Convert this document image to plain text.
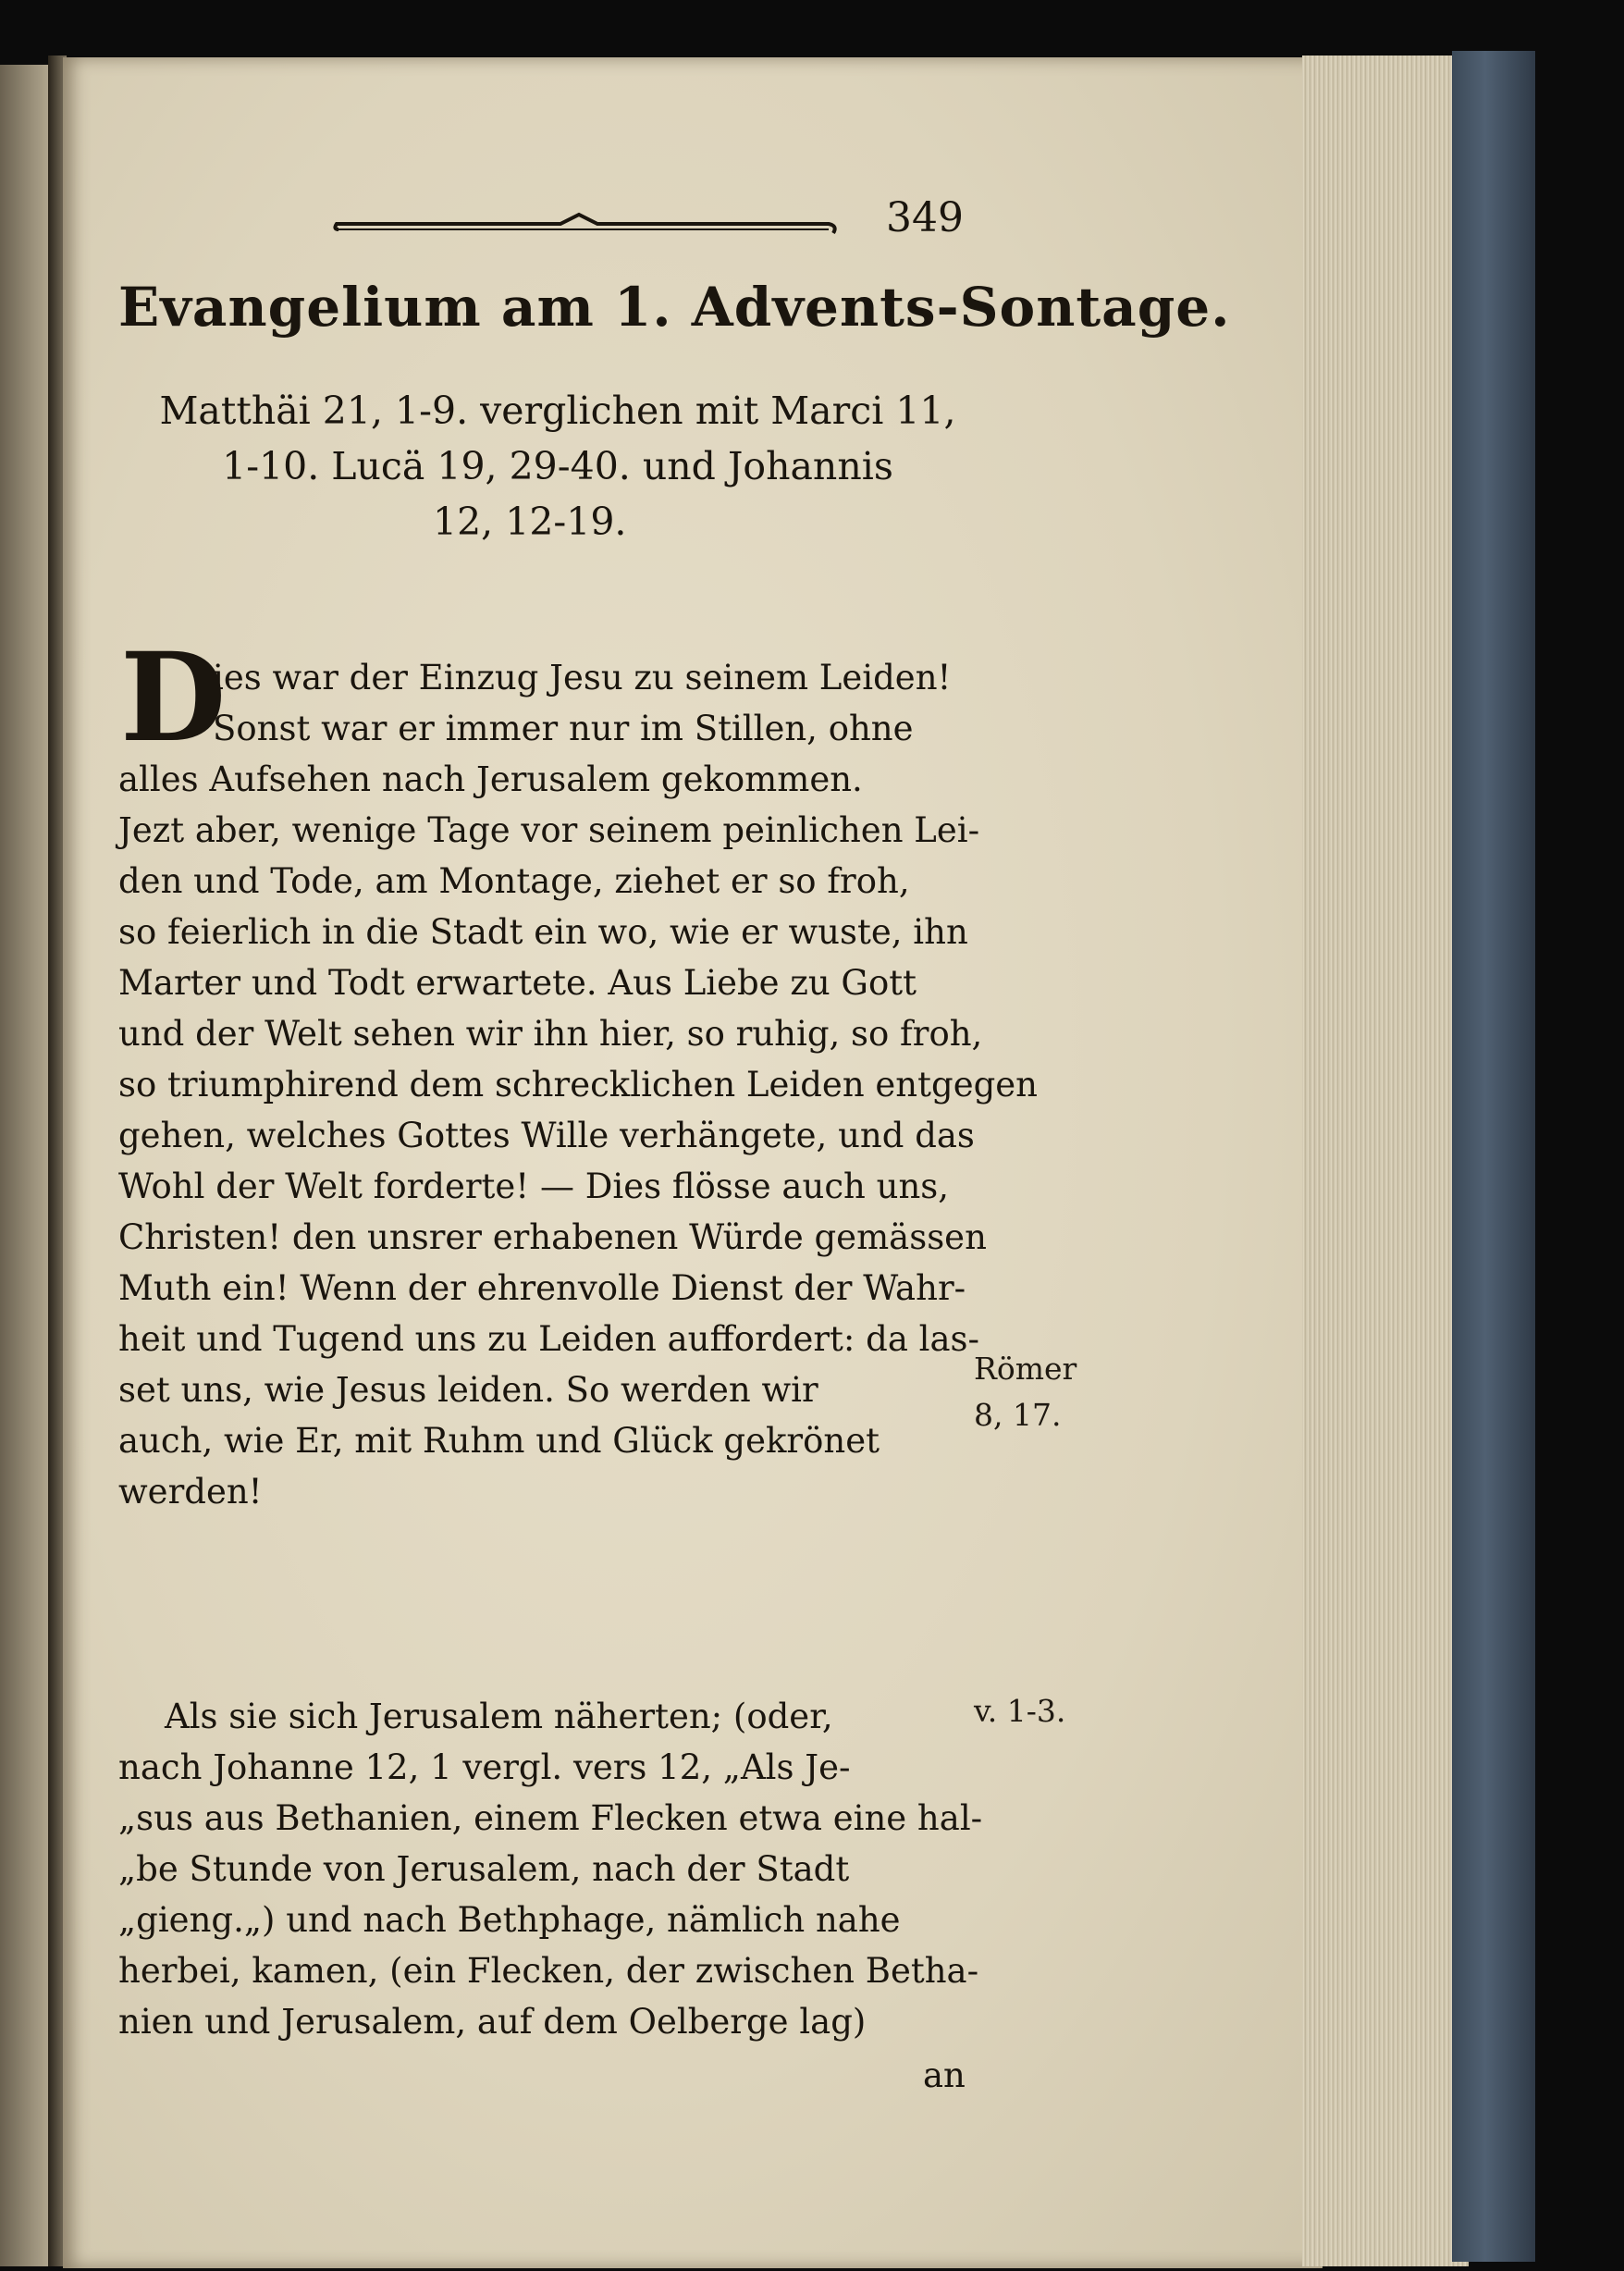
349
Evangelium am 1. Advents-Sontage.
Matthäi 21, 1-9. verglichen mit Marci 11,
1-10. Lucä 19, 29-40. und Johannis
12, 12-19.
D
ies war der Einzug Jesu zu seinem Leiden!
Sonst war er immer nur im Stillen, ohne
alles Aufsehen nach Jerusalem gekommen.
Jezt aber, wenige Tage vor seinem peinlichen Lei-
den und Tode, am Montage, ziehet er so froh,
so feierlich in die Stadt ein wo, wie er wuste, ihn
Marter und Todt erwartete. Aus Liebe zu Gott
und der Welt sehen wir ihn hier, so ruhig, so froh,
so triumphirend dem schrecklichen Leiden entgegen
gehen, welches Gottes Wille verhängete, und das
Wohl der Welt forderte! — Dies flösse auch uns,
Christen! den unsrer erhabenen Würde gemässen
Muth ein! Wenn der ehrenvolle Dienst der Wahr-
heit und Tugend uns zu Leiden auffordert: da las-
set uns, wie Jesus leiden. So werden wir
auch, wie Er, mit Ruhm und Glück gekrönet
werden!
Römer
8, 17.
Als sie sich Jerusalem näherten; (oder,
nach Johanne 12, 1 vergl. vers 12, „Als Je-
„sus aus Bethanien, einem Flecken etwa eine hal-
„be Stunde von Jerusalem, nach der Stadt
„gieng.„) und nach Bethphage, nämlich nahe
herbei, kamen, (ein Flecken, der zwischen Betha-
nien und Jerusalem, auf dem Oelberge lag)
v. 1-3.
an
